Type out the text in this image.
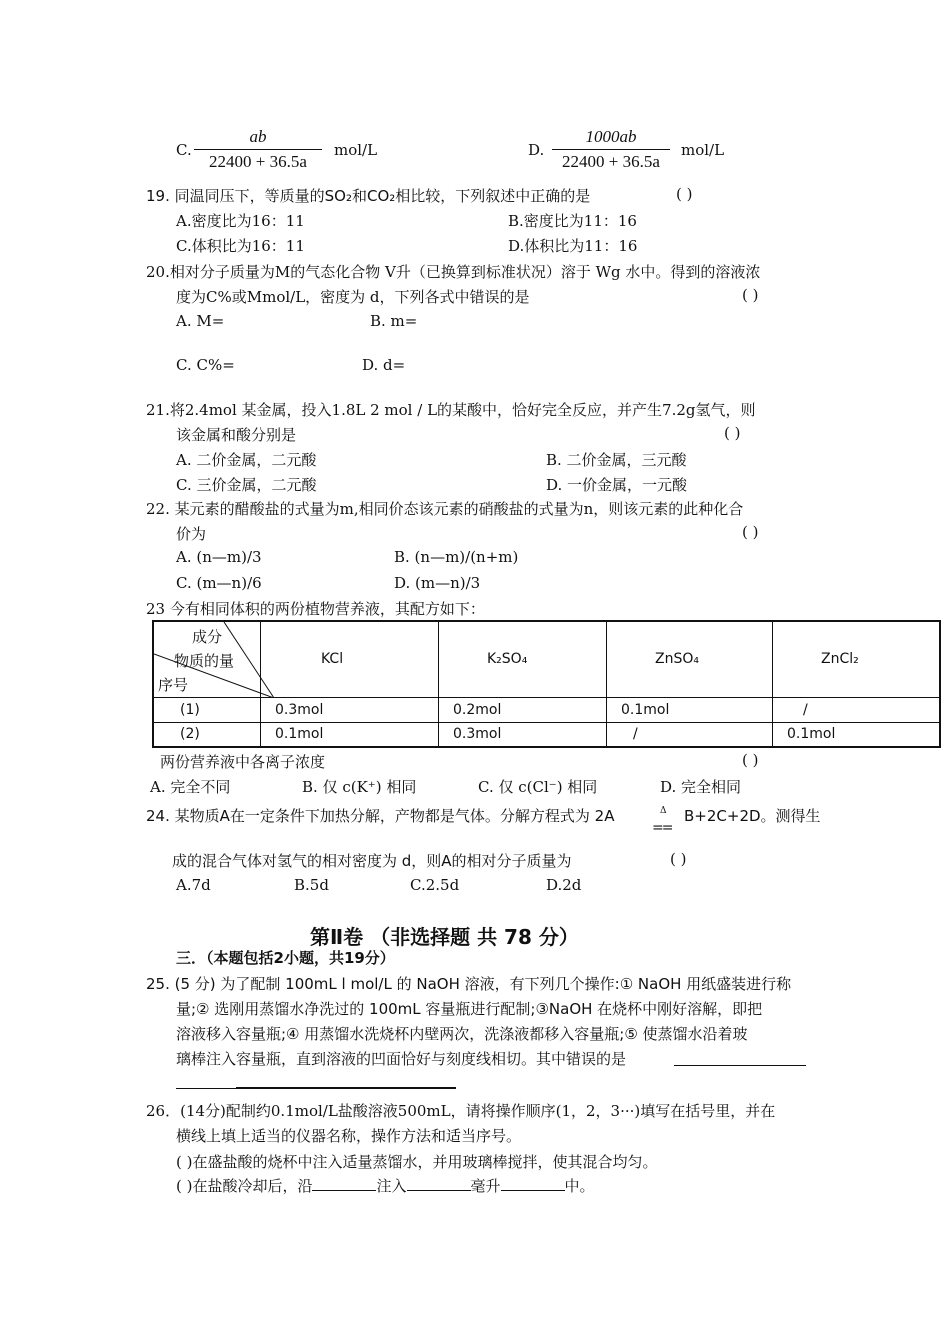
C. $\frac{ab}{22400 + 36.5a} mol/L$	D. $\frac{1000ab}{22400 + 36.5a} mol/L$
19. 同温同压下，等质量的SO₂和CO₂相比较，下列叙述中正确的是	( )
A.密度比为16：11	B.密度比为11：16
C.体积比为16：11	D.体积比为11：16
20.相对分子质量为M的气态化合物 V升（已换算到标准状况）溶于 Wg 水中。得到的溶液浓
度为C%或Mmol/L，密度为 d，下列各式中错误的是	( )
A. M=	B. m=
C. C%=	D. d=
21.将2.4mol 某金属，投入1.8L 2 mol / L的某酸中，恰好完全反应，并产生7.2g氢气，则
该金属和酸分别是	( )
A. 二价金属，二元酸	B. 二价金属，三元酸
C. 三价金属，二元酸	D. 一价金属，一元酸
22. 某元素的醋酸盐的式量为m,相同价态该元素的硝酸盐的式量为n，则该元素的此种化合
价为	( )
A. (n—m)/3	B. (n—m)/(n+m)
C. (m—n)/6	D. (m—n)/3
23 今有相同体积的两份植物营养液，其配方如下：
成分
物质的量
序号	KCl	K₂SO₄	ZnSO₄	ZnCl₂
(1)	0.3mol	0.2mol	0.1mol	/
(2)	0.1mol	0.3mol	/	0.1mol
两份营养液中各离子浓度	( )
A. 完全不同	B. 仅 c(K⁺) 相同	C. 仅 c(Cl⁻) 相同	D. 完全相同
24. 某物质A在一定条件下加热分解，产物都是气体。分解方程式为 2A	Δ
==
B+2C+2D。测得生
成的混合气体对氢气的相对密度为 d，则A的相对分子质量为	( )
A.7d	B.5d	C.2.5d	D.2d
第Ⅱ卷 （非选择题 共 78 分）
三．（本题包括2小题，共19分）
25. (5 分) 为了配制 100mL l mol/L 的 NaOH 溶液，有下列几个操作:① NaOH 用纸盛装进行称
量;② 选刚用蒸馏水净洗过的 100mL 容量瓶进行配制;③NaOH 在烧杯中刚好溶解，即把
溶液移入容量瓶;④ 用蒸馏水洗烧杯内壁两次，洗涤液都移入容量瓶;⑤ 使蒸馏水沿着玻
璃棒注入容量瓶，直到溶液的凹面恰好与刻度线相切。其中错误的是
26．(14分)配制约0.1mol/L盐酸溶液500mL，请将操作顺序(1，2，3···)填写在括号里，并在
横线上填上适当的仪器名称，操作方法和适当序号。
( )在盛盐酸的烧杯中注入适量蒸馏水，并用玻璃棒搅拌，使其混合均匀。
( )在盐酸冷却后，沿	注入	毫升	中。
